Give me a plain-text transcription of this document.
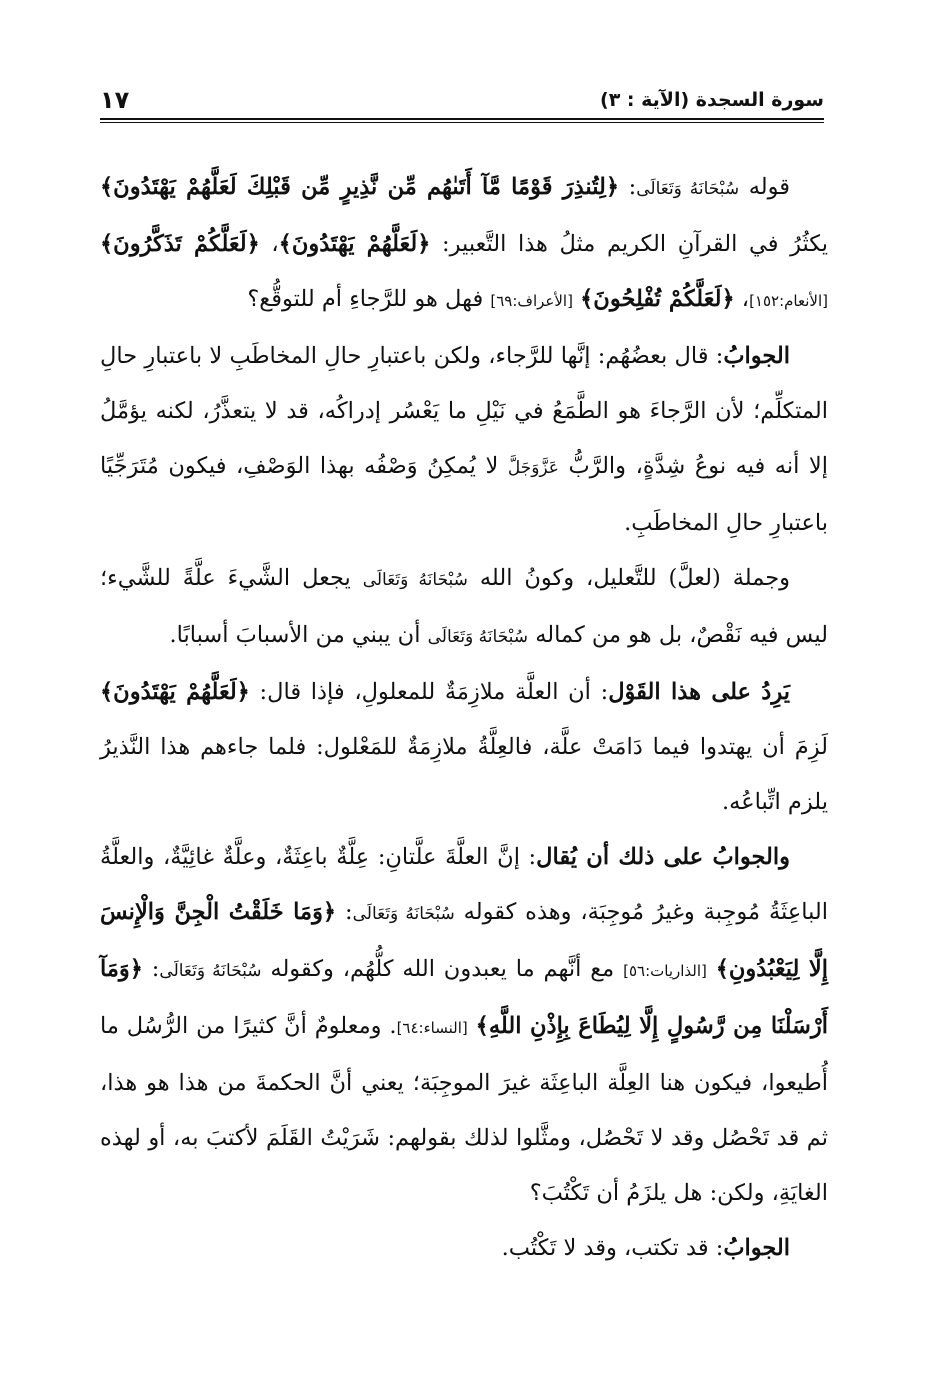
١٧	سورة السجدة (الآية : ٣)

قوله سُبْحَانَهُ وَتَعَالَى: ﴿لِتُنذِرَ قَوْمًا مَّآ أَتَىٰهُم مِّن نَّذِيرٍ مِّن قَبْلِكَ لَعَلَّهُمْ يَهْتَدُونَ﴾ يكثُرُ في القرآنِ الكريم مثلُ هذا التَّعبير: ﴿لَعَلَّهُمْ يَهْتَدُونَ﴾، ﴿لَعَلَّكُمْ تَذَكَّرُونَ﴾ [الأنعام:١٥٢]، ﴿لَعَلَّكُمْ تُفْلِحُونَ﴾ [الأعراف:٦٩] فهل هو للرَّجاءِ أم للتوقُّع؟

الجوابُ: قال بعضُهُم: إنَّها للرَّجاء، ولكن باعتبارِ حالِ المخاطَبِ لا باعتبارِ حالِ المتكلِّم؛ لأن الرَّجاءَ هو الطَّمَعُ في نَيْلِ ما يَعْسُر إدراكُه، قد لا يتعذَّرُ، لكنه يؤمَّلُ إلا أنه فيه نوعُ شِدَّةٍ، والرَّبُّ عَزَّوَجَلَّ لا يُمكِنُ وَصْفُه بهذا الوَصْفِ، فيكون مُتَرَجِّيًا باعتبارِ حالِ المخاطَبِ.

وجملة (لعلَّ) للتَّعليل، وكونُ الله سُبْحَانَهُ وَتَعَالَى يجعل الشَّيءَ علَّةً للشَّيء؛ ليس فيه نَقْصٌ، بل هو من كماله سُبْحَانَهُ وَتَعَالَى أن يبني من الأسبابَ أسبابًا.

يَرِدُ على هذا القَوْل: أن العلَّة ملازِمَةٌ للمعلولِ، فإذا قال: ﴿لَعَلَّهُمْ يَهْتَدُونَ﴾ لَزِمَ أن يهتدوا فيما دَامَتْ علَّة، فالعِلَّةُ ملازِمَةٌ للمَعْلول: فلما جاءهم هذا النَّذيرُ يلزم اتِّباعُه.

والجوابُ على ذلك أن يُقال: إنَّ العلَّةَ علَّتانِ: عِلَّةٌ باعِثَةٌ، وعلَّةٌ غائِيَّةٌ، والعلَّةُ الباعِثَةُ مُوجِبة وغيرُ مُوجِبَة، وهذه كقوله سُبْحَانَهُ وَتَعَالَى: ﴿وَمَا خَلَقْتُ الْجِنَّ وَالْإِنسَ إِلَّا لِيَعْبُدُونِ﴾ [الذاريات:٥٦] مع أنَّهم ما يعبدون الله كلُّهُم، وكقوله سُبْحَانَهُ وَتَعَالَى: ﴿وَمَآ أَرْسَلْنَا مِن رَّسُولٍ إِلَّا لِيُطَاعَ بِإِذْنِ اللَّهِ﴾ [النساء:٦٤]. ومعلومٌ أنَّ كثيرًا من الرُّسُل ما أُطيعوا، فيكون هنا العِلَّة الباعِثَة غيرَ الموجِبَة؛ يعني أنَّ الحكمةَ من هذا هو هذا، ثم قد تَحْصُل وقد لا تَحْصُل، ومثَّلوا لذلك بقولهم: شَرَيْتُ القَلَمَ لأكتبَ به، أو لهذه الغايَةِ، ولكن: هل يلزَمُ أن تَكْتُبَ؟

الجوابُ: قد تكتب، وقد لا تَكْتُب.
